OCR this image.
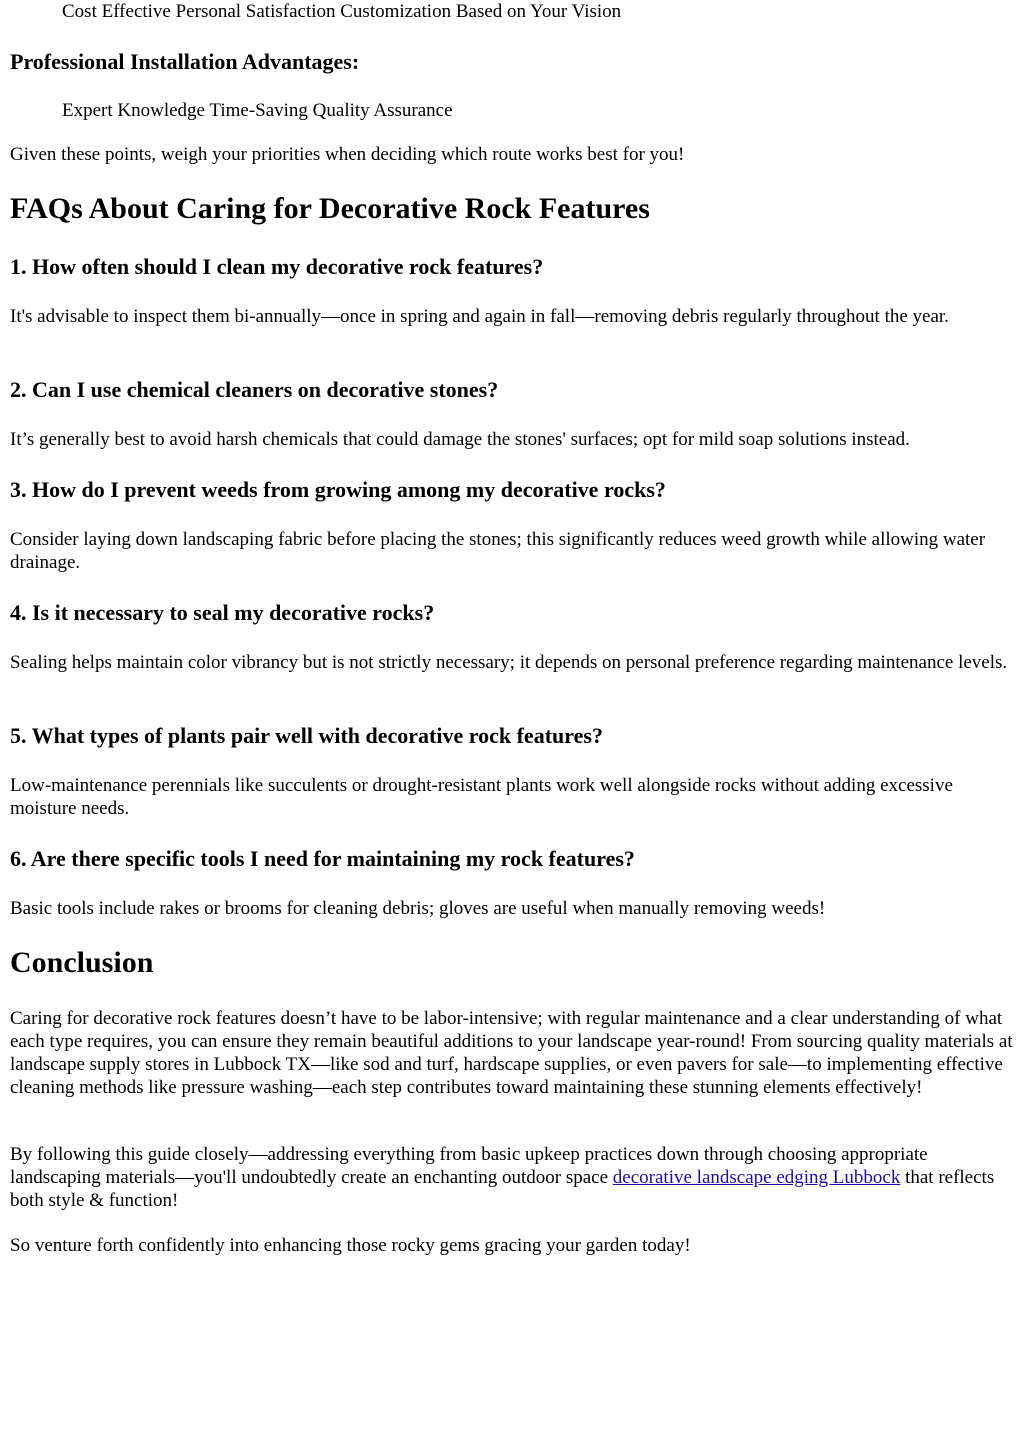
Cost Effective Personal Satisfaction Customization Based on Your Vision

Professional Installation Advantages:

Expert Knowledge Time-Saving Quality Assurance

Given these points, weigh your priorities when deciding which route works best for you!

FAQs About Caring for Decorative Rock Features
1. How often should I clean my decorative rock features?

It's advisable to inspect them bi-annually—once in spring and again in fall—removing debris regularly throughout the year.

2. Can I use chemical cleaners on decorative stones?

It’s generally best to avoid harsh chemicals that could damage the stones' surfaces; opt for mild soap solutions instead.

3. How do I prevent weeds from growing among my decorative rocks?

Consider laying down landscaping fabric before placing the stones; this significantly reduces weed growth while allowing water drainage.

4. Is it necessary to seal my decorative rocks?

Sealing helps maintain color vibrancy but is not strictly necessary; it depends on personal preference regarding maintenance levels.

5. What types of plants pair well with decorative rock features?

Low-maintenance perennials like succulents or drought-resistant plants work well alongside rocks without adding excessive moisture needs.

6. Are there specific tools I need for maintaining my rock features?

Basic tools include rakes or brooms for cleaning debris; gloves are useful when manually removing weeds!

Conclusion

Caring for decorative rock features doesn’t have to be labor-intensive; with regular maintenance and a clear understanding of what each type requires, you can ensure they remain beautiful additions to your landscape year-round! From sourcing quality materials at landscape supply stores in Lubbock TX—like sod and turf, hardscape supplies, or even pavers for sale—to implementing effective cleaning methods like pressure washing—each step contributes toward maintaining these stunning elements effectively!

By following this guide closely—addressing everything from basic upkeep practices down through choosing appropriate landscaping materials—you'll undoubtedly create an enchanting outdoor space decorative landscape edging Lubbock that reflects both style & function!

So venture forth confidently into enhancing those rocky gems gracing your garden today!
